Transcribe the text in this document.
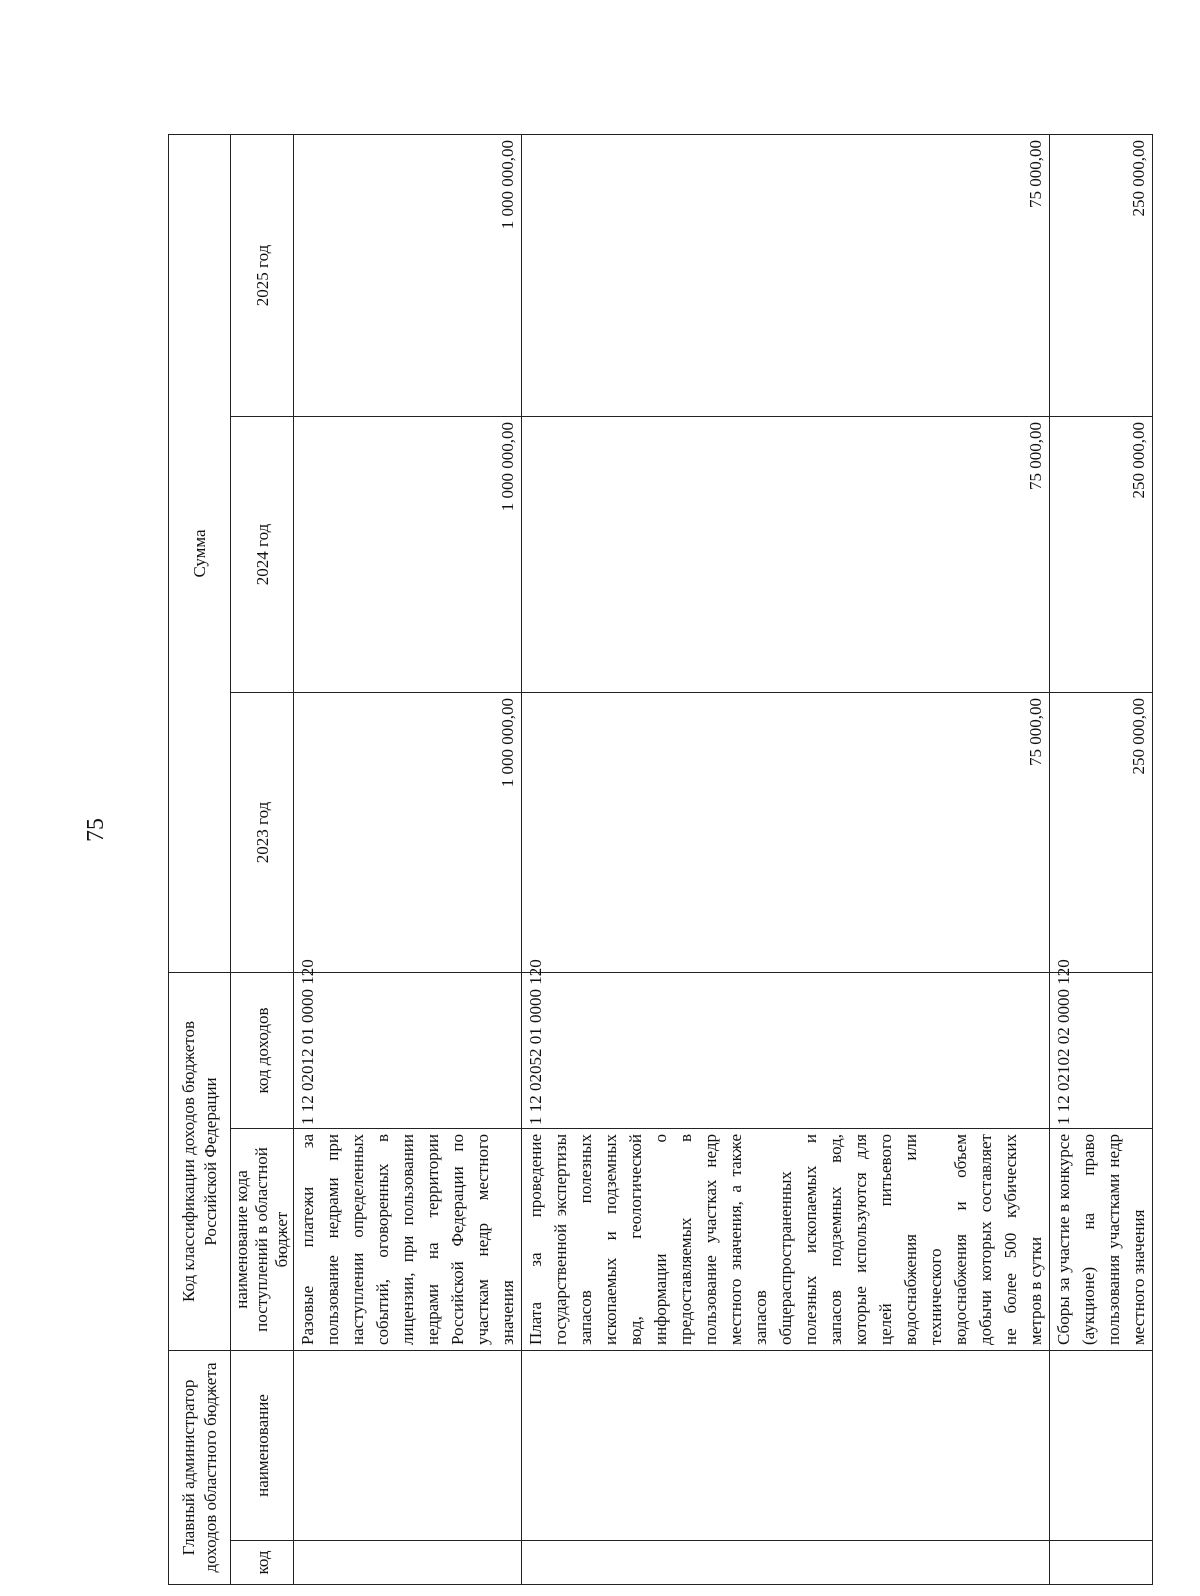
75
Главный администратор доходов областного бюджета		Код классификации доходов бюджетов Российской Федерации		Сумма		
код	наименование	наименование кода поступлений в областной бюджет	код доходов	2023 год	2024 год	2025 год
		Разовые платежи за пользование недрами при наступлении определенных событий, оговоренных в лицензии, при пользовании недрами на территории Российской Федерации по участкам недр местного значения	1 12 02012 01 0000 120	1 000 000,00	1 000 000,00	1 000 000,00
		Плата за проведение государственной экспертизы запасов полезных ископаемых и подземных вод, геологической информации о предоставляемых в пользование участках недр местного значения, а также запасов общераспространенных полезных ископаемых и запасов подземных вод, которые используются для целей питьевого водоснабжения или технического водоснабжения и объем добычи которых составляет не более 500 кубических метров в сутки	1 12 02052 01 0000 120	75 000,00	75 000,00	75 000,00
		Сборы за участие в конкурсе (аукционе) на право пользования участками недр местного значения	1 12 02102 02 0000 120	250 000,00	250 000,00	250 000,00
